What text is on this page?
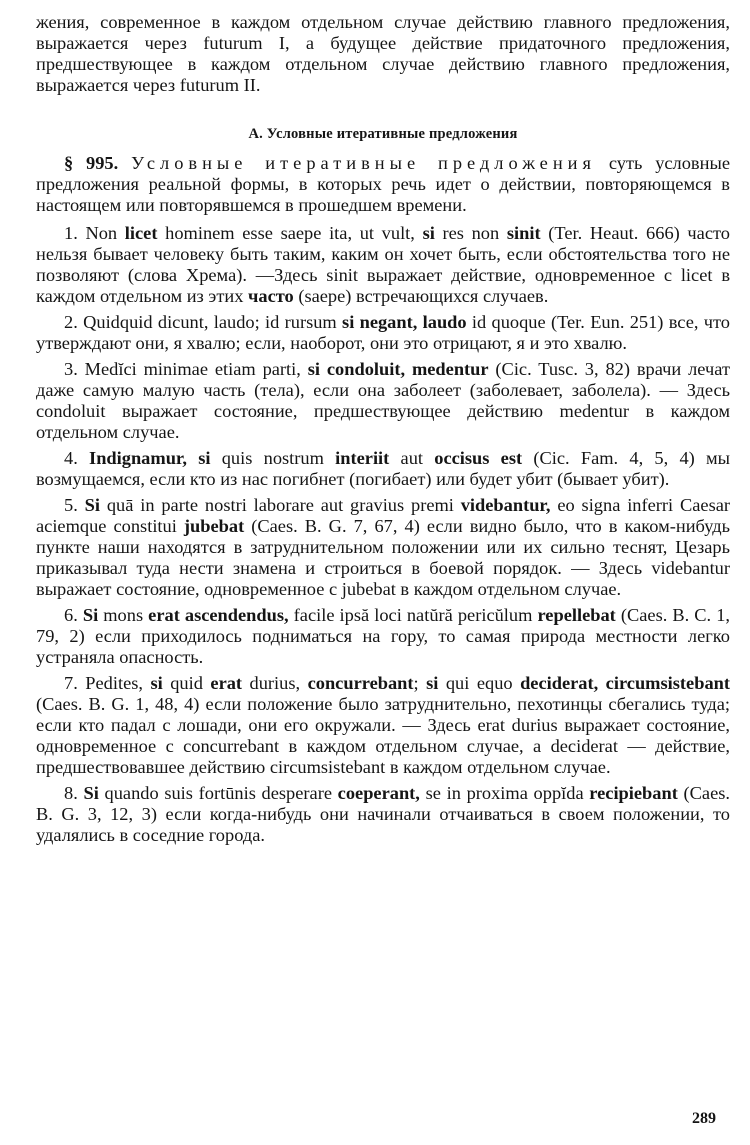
жения, современное в каждом отдельном случае действию главного предложения, выражается через futurum I, а будущее действие придаточного предложения, предшествующее в каждом отдельном случае действию главного предложения, выражается через futurum II.

A. Условные итеративные предложения

§ 995. Условные итеративные предложения суть условные предложения реальной формы, в которых речь идет о действии, повторяющемся в настоящем или повторявшемся в прошедшем времени.

1. Non licet hominem esse saepe ita, ut vult, si res non sinit (Ter. Heaut. 666) часто нельзя бывает человеку быть таким, каким он хочет быть, если обстоятельства того не позволяют (слова Хрема). —Здесь sinit выражает действие, одновременное с licet в каждом отдельном из этих часто (saepe) встречающихся случаев.

2. Quidquid dicunt, laudo; id rursum si negant, laudo id quoque (Ter. Eun. 251) все, что утверждают они, я хвалю; если, наоборот, они это отрицают, я и это хвалю.

3. Medĭci minimae etiam parti, si condoluit, medentur (Cic. Tusc. 3, 82) врачи лечат даже самую малую часть (тела), если она заболеет (заболевает, заболела). — Здесь condoluit выражает состояние, предшествующее действию medentur в каждом отдельном случае.

4. Indignamur, si quis nostrum interiit aut occisus est (Cic. Fam. 4, 5, 4) мы возмущаемся, если кто из нас погибнет (погибает) или будет убит (бывает убит).

5. Si quā in parte nostri laborare aut gravius premi videbantur, eo signa inferri Caesar aciemque constitui jubebat (Caes. B. G. 7, 67, 4) если видно было, что в каком-нибудь пункте наши находятся в затруднительном положении или их сильно теснят, Цезарь приказывал туда нести знамена и строиться в боевой порядок. — Здесь videbantur выражает состояние, одновременное с jubebat в каждом отдельном случае.

6. Si mons erat ascendendus, facile ipsă loci natŭră pericŭlum repellebat (Caes. B. C. 1, 79, 2) если приходилось подниматься на гору, то самая природа местности легко устраняла опасность.

7. Pedites, si quid erat durius, concurrebant; si qui equo deciderat, circumsistebant (Caes. B. G. 1, 48, 4) если положение было затруднительно, пехотинцы сбегались туда; если кто падал с лошади, они его окружали. — Здесь erat durius выражает состояние, одновременное с concurrebant в каждом отдельном случае, а deciderat — действие, предшествовавшее действию circumsistebant в каждом отдельном случае.

8. Si quando suis fortūnis desperare coeperant, se in proxima oppĭda recipiebant (Caes. B. G. 3, 12, 3) если когда-нибудь они начинали отчаиваться в своем положении, то удалялись в соседние города.

289
